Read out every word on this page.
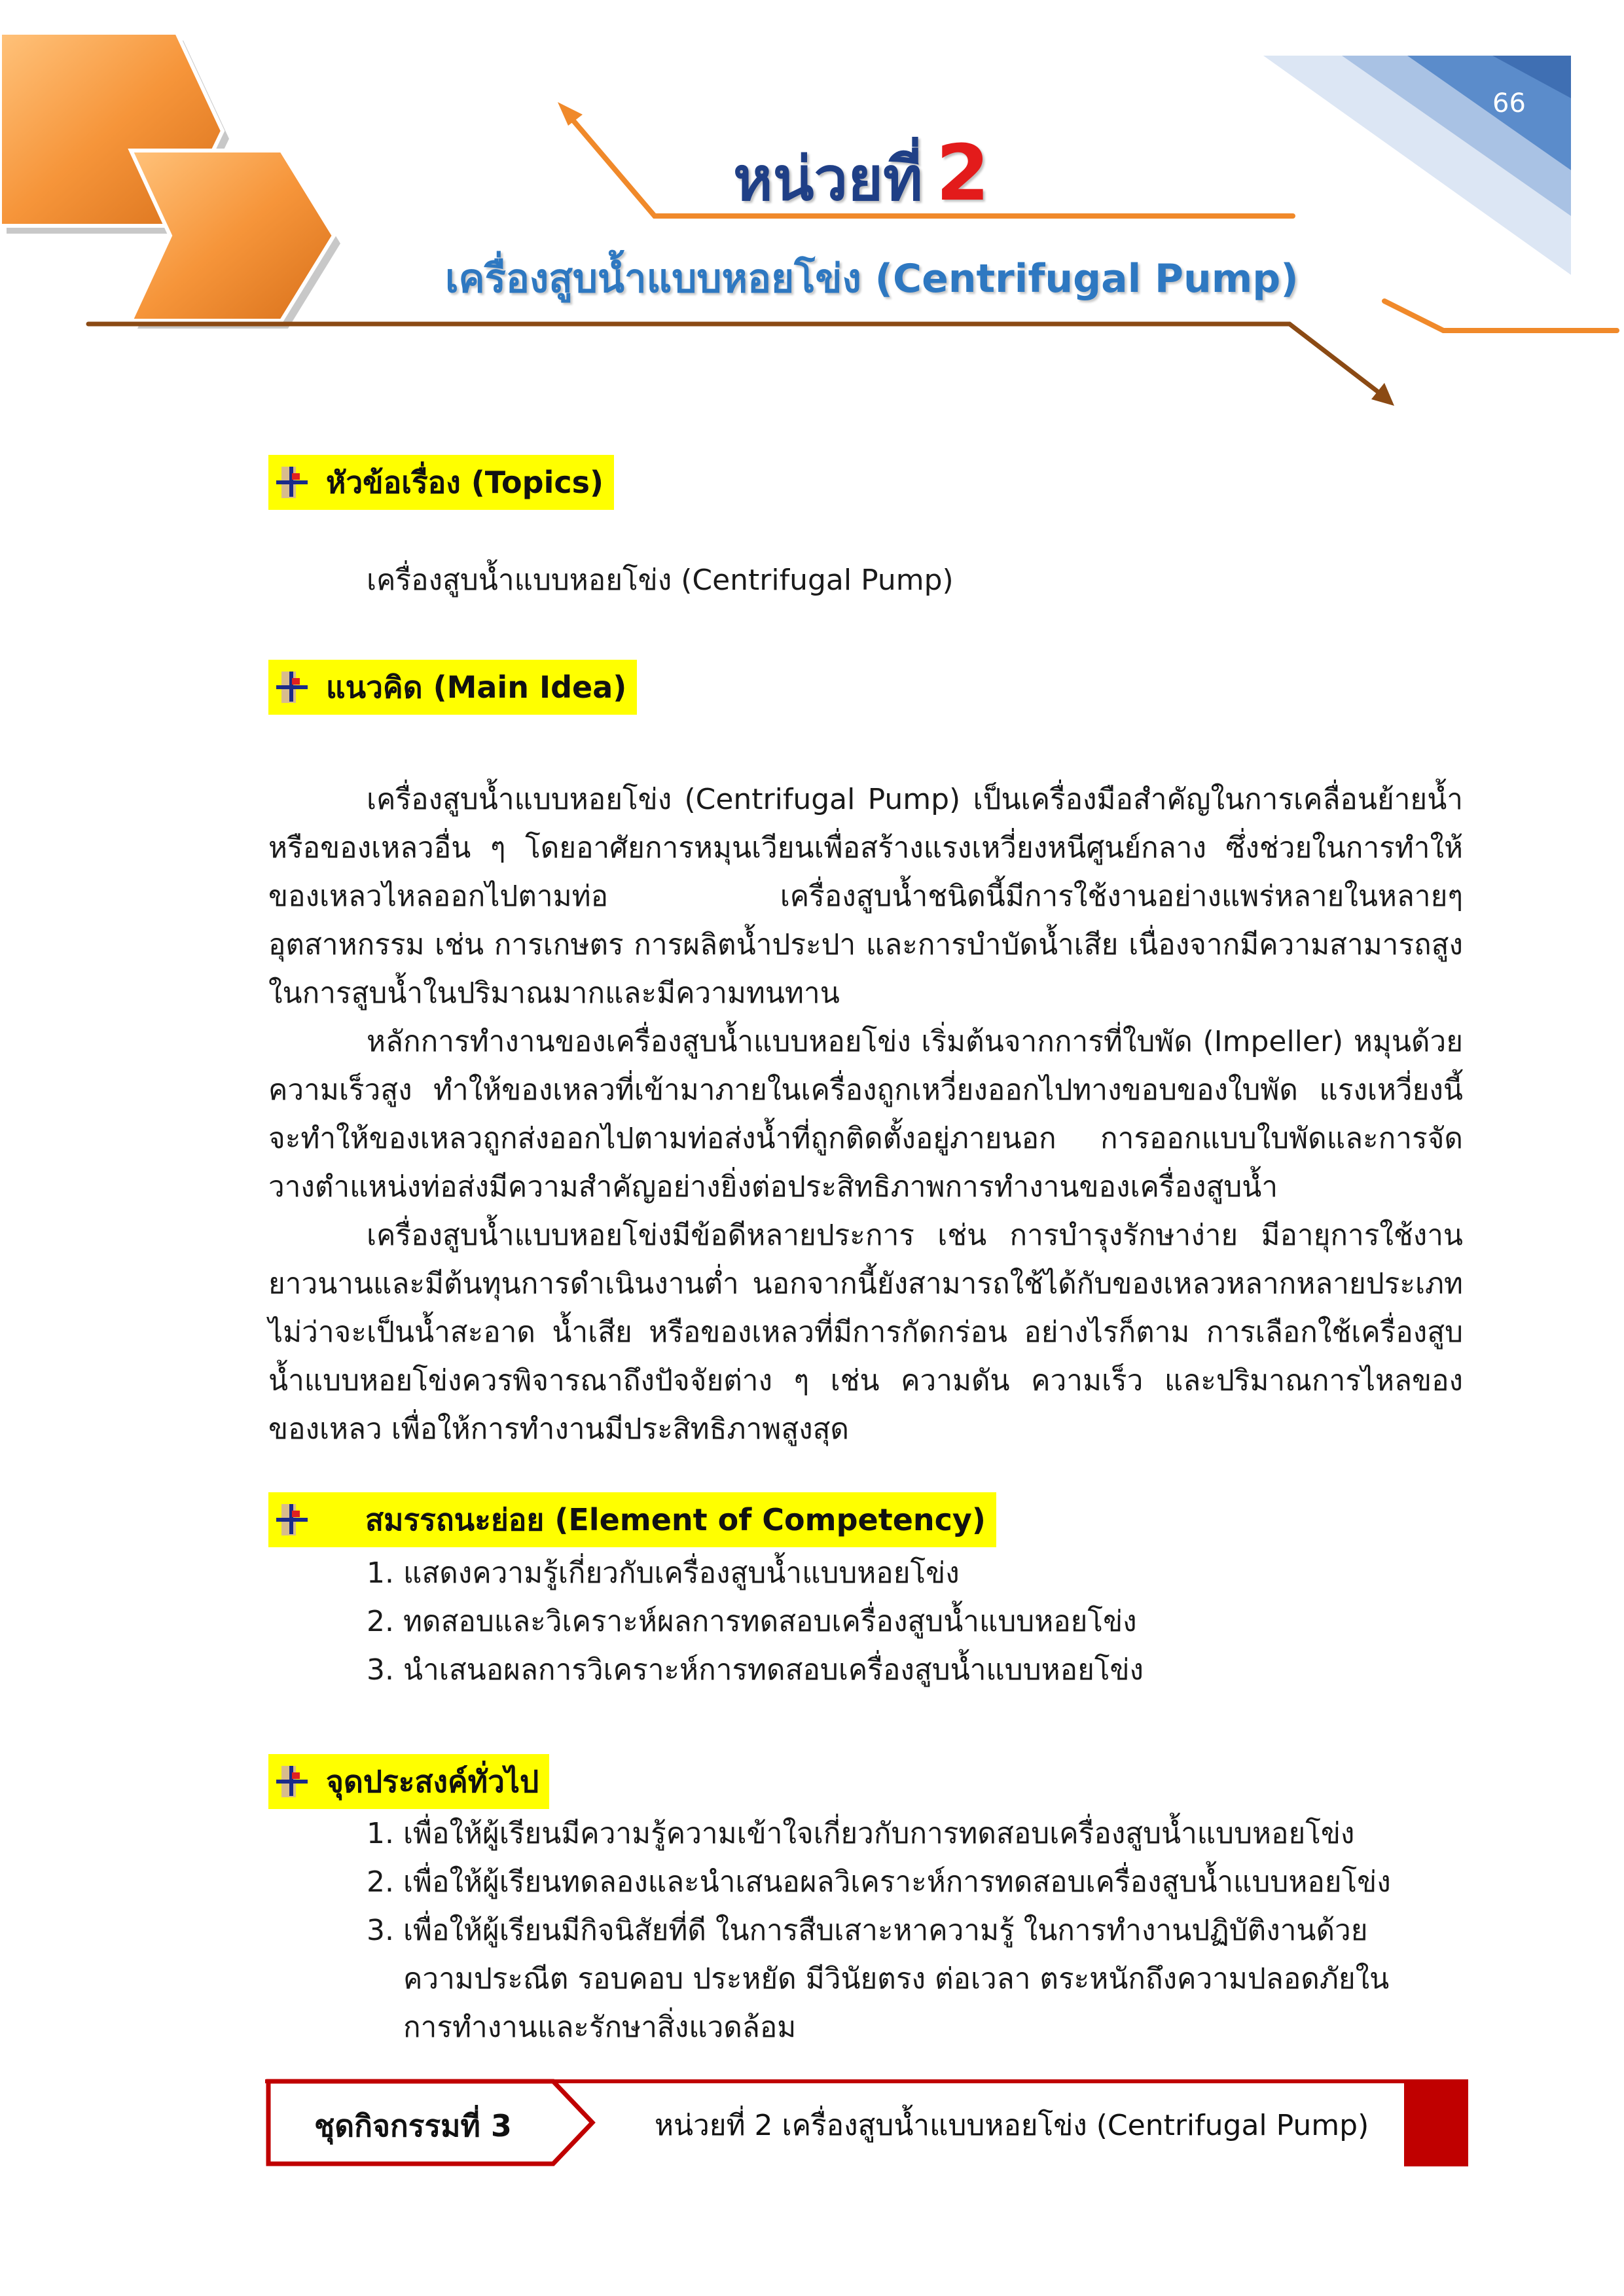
66
หน่วยที่ 2
เครื่องสูบน้ำแบบหอยโข่ง (Centrifugal Pump)
หัวข้อเรื่อง (Topics)
เครื่องสูบน้ำแบบหอยโข่ง (Centrifugal Pump)
แนวคิด (Main Idea)

เครื่องสูบน้ำแบบหอยโข่ง (Centrifugal Pump) เป็นเครื่องมือสำคัญในการเคลื่อนย้ายน้ำ หรือของเหลวอื่น ๆ โดยอาศัยการหมุนเวียนเพื่อสร้างแรงเหวี่ยงหนีศูนย์กลาง ซึ่งช่วยในการทำให้ของเหลวไหลออกไปตามท่อ เครื่องสูบน้ำชนิดนี้มีการใช้งานอย่างแพร่หลายในหลายๆ อุตสาหกรรม เช่น การเกษตร การผลิตน้ำประปา และการบำบัดน้ำเสีย เนื่องจากมีความสามารถสูงในการสูบน้ำในปริมาณมากและมีความทนทาน

หลักการทำงานของเครื่องสูบน้ำแบบหอยโข่ง เริ่มต้นจากการที่ใบพัด (Impeller) หมุนด้วยความเร็วสูง ทำให้ของเหลวที่เข้ามาภายในเครื่องถูกเหวี่ยงออกไปทางขอบของใบพัด แรงเหวี่ยงนี้จะทำให้ของเหลวถูกส่งออกไปตามท่อส่งน้ำที่ถูกติดตั้งอยู่ภายนอก การออกแบบใบพัดและการจัดวางตำแหน่งท่อส่งมีความสำคัญอย่างยิ่งต่อประสิทธิภาพการทำงานของเครื่องสูบน้ำ

เครื่องสูบน้ำแบบหอยโข่งมีข้อดีหลายประการ เช่น การบำรุงรักษาง่าย มีอายุการใช้งานยาวนานและมีต้นทุนการดำเนินงานต่ำ นอกจากนี้ยังสามารถใช้ได้กับของเหลวหลากหลายประเภทไม่ว่าจะเป็นน้ำสะอาด น้ำเสีย หรือของเหลวที่มีการกัดกร่อน อย่างไรก็ตาม การเลือกใช้เครื่องสูบน้ำแบบหอยโข่งควรพิจารณาถึงปัจจัยต่าง ๆ เช่น ความดัน ความเร็ว และปริมาณการไหลของของเหลว เพื่อให้การทำงานมีประสิทธิภาพสูงสุด

สมรรถนะย่อย (Element of Competency)
1. แสดงความรู้เกี่ยวกับเครื่องสูบน้ำแบบหอยโข่ง
2. ทดสอบและวิเคราะห์ผลการทดสอบเครื่องสูบน้ำแบบหอยโข่ง
3. นำเสนอผลการวิเคราะห์การทดสอบเครื่องสูบน้ำแบบหอยโข่ง
จุดประสงค์ทั่วไป
1. เพื่อให้ผู้เรียนมีความรู้ความเข้าใจเกี่ยวกับการทดสอบเครื่องสูบน้ำแบบหอยโข่ง
2. เพื่อให้ผู้เรียนทดลองและนำเสนอผลวิเคราะห์การทดสอบเครื่องสูบน้ำแบบหอยโข่ง
3. เพื่อให้ผู้เรียนมีกิจนิสัยที่ดี ในการสืบเสาะหาความรู้ ในการทำงานปฏิบัติงานด้วยความประณีต รอบคอบ ประหยัด มีวินัยตรง ต่อเวลา ตระหนักถึงความปลอดภัยในการทำงานและรักษาสิ่งแวดล้อม
ชุดกิจกรรมที่ 3	หน่วยที่ 2 เครื่องสูบน้ำแบบหอยโข่ง (Centrifugal Pump)
